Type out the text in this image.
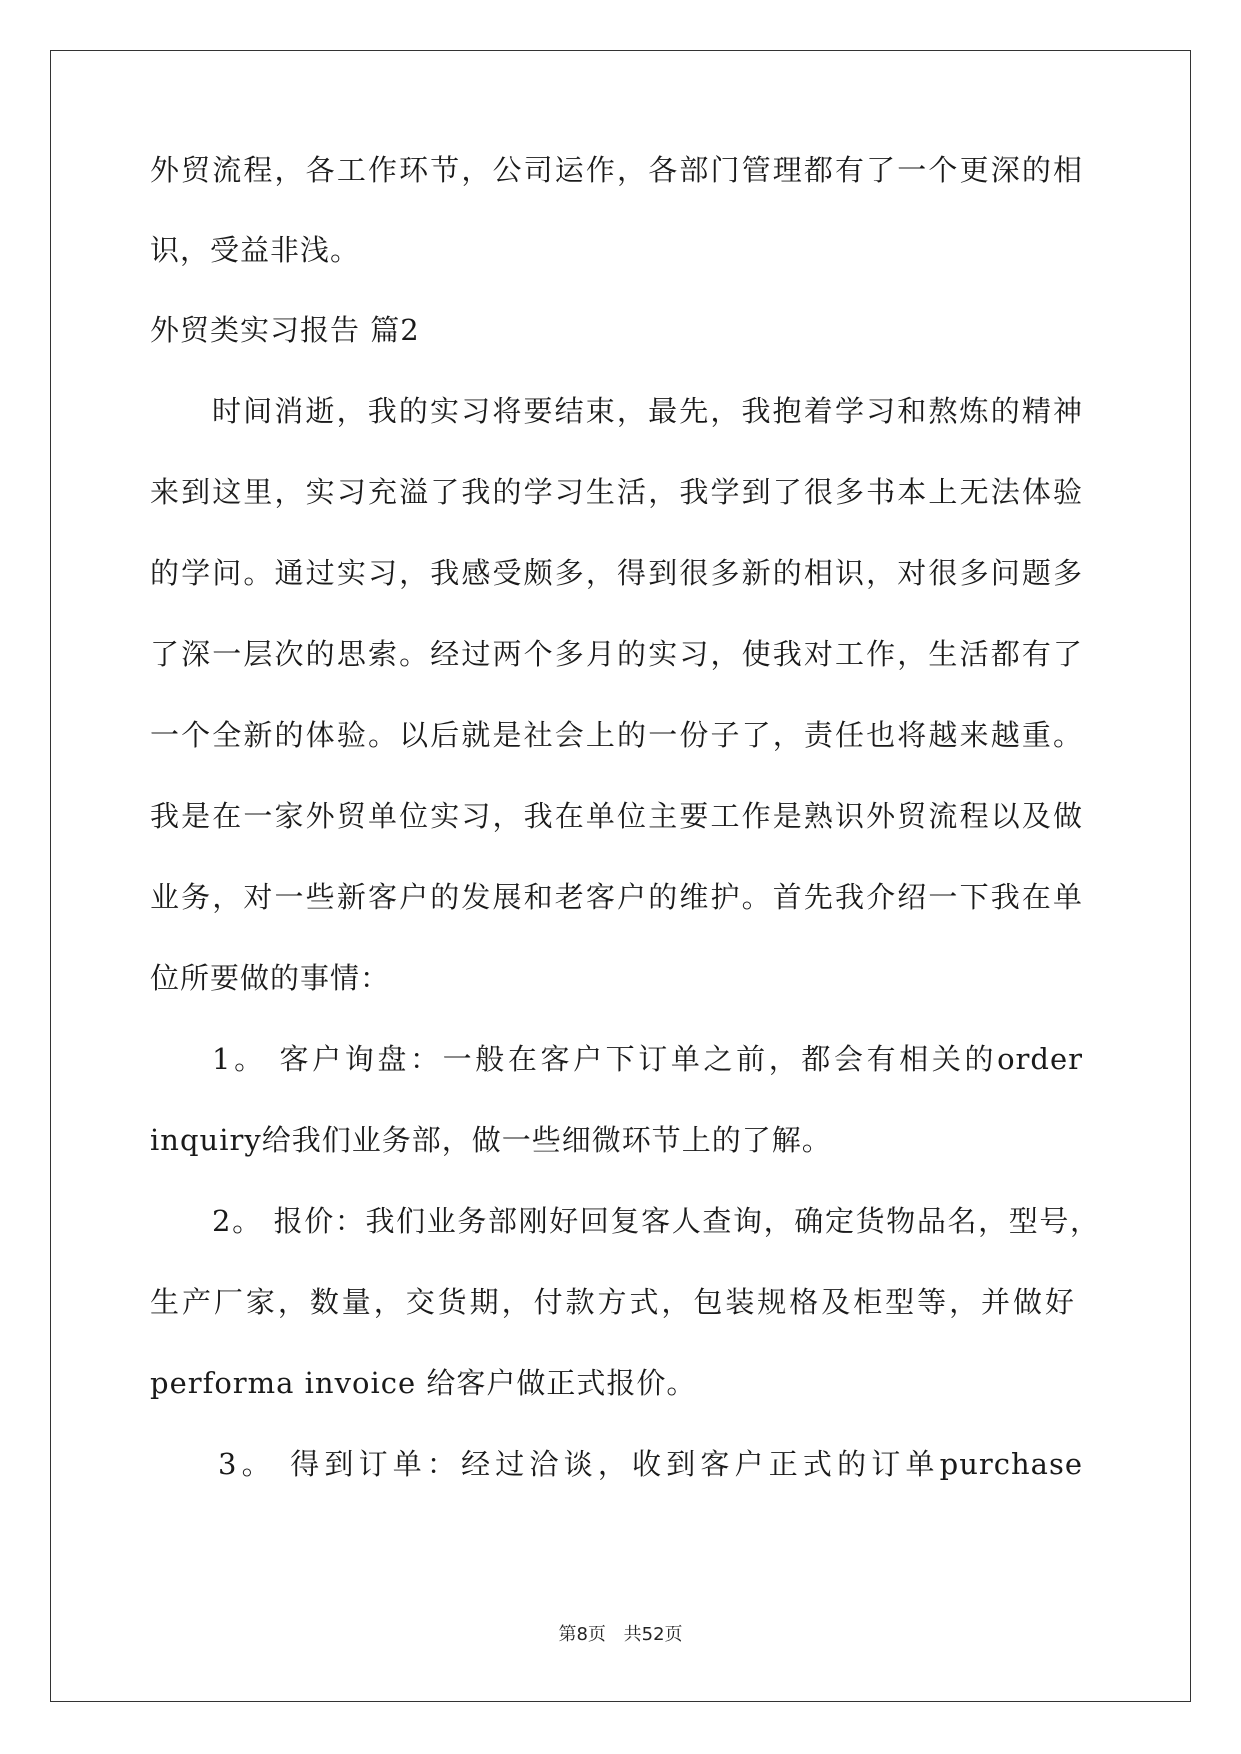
外贸流程，各工作环节，公司运作，各部门管理都有了一个更深的相
识，受益非浅。
外贸类实习报告 篇2
时间消逝，我的实习将要结束，最先，我抱着学习和熬炼的精神
来到这里，实习充溢了我的学习生活，我学到了很多书本上无法体验
的学问。通过实习，我感受颇多，得到很多新的相识，对很多问题多
了深一层次的思索。经过两个多月的实习，使我对工作，生活都有了
一个全新的体验。以后就是社会上的一份子了，责任也将越来越重。
我是在一家外贸单位实习，我在单位主要工作是熟识外贸流程以及做
业务，对一些新客户的发展和老客户的维护。首先我介绍一下我在单
位所要做的事情：
1。 客户询盘：一般在客户下订单之前，都会有相关的order
inquiry给我们业务部，做一些细微环节上的了解。
2。 报价：我们业务部刚好回复客人查询，确定货物品名，型号，
生产厂家，数量，交货期，付款方式，包装规格及柜型等，并做好
performa invoice 给客户做正式报价。
3。 得到订单：经过洽谈，收到客户正式的订单purchase
第8页 共52页
